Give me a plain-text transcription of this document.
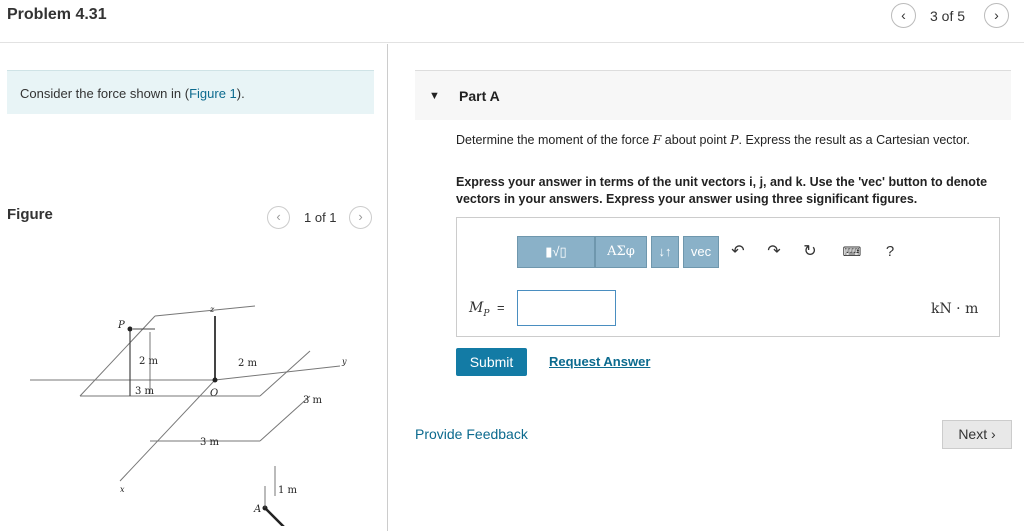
Problem 4.31	‹	3 of 5	›
Consider the force shown in (Figure 1).
Figure	‹	1 of 1	›
P
z
y
x
O
A
2 m	2 m
3 m
3 m
3 m
1 m
▼ Part A
Determine the moment of the force F about point P. Express the result as a Cartesian vector.
Express your answer in terms of the unit vectors i, j, and k. Use the 'vec' button to denote vectors in your answers. Express your answer using three significant figures.
▮√▯	ΑΣφ	↓↑	vec	↶	↷	↻	⌨	?
$M_P$ =	kN · m
Submit	Request Answer
Provide Feedback	Next ›
